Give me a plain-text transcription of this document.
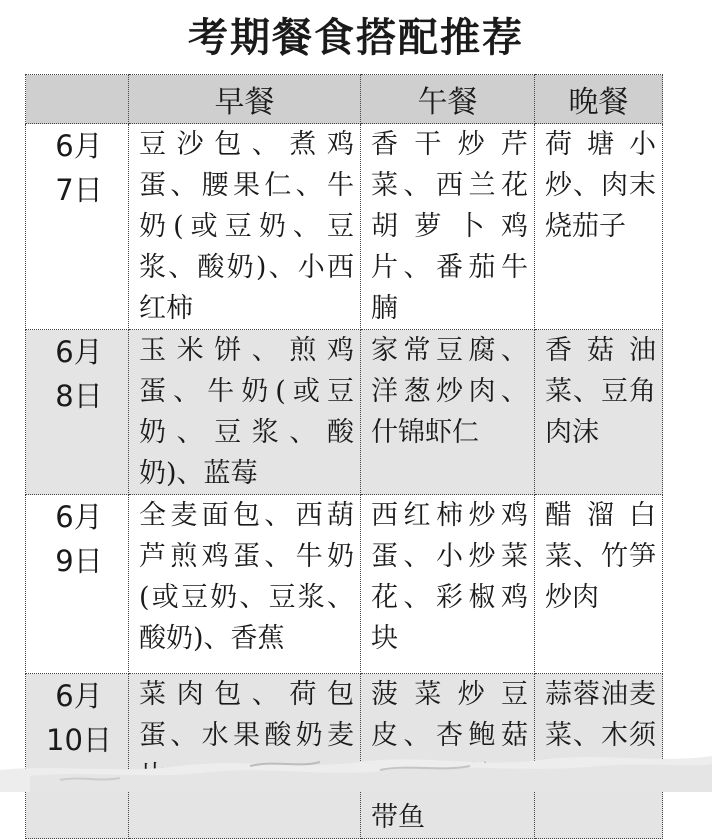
考期餐食搭配推荐
	早餐	午餐	晚餐

6月
7日	豆沙包、煮鸡蛋、腰果仁、牛奶(或豆奶、豆浆、酸奶)、小西红柿	香干炒芹菜、西兰花胡萝卜鸡片、番茄牛腩	荷塘小炒、肉末烧茄子

6月
8日	玉米饼、煎鸡蛋、牛奶(或豆奶、豆浆、酸奶)、蓝莓	家常豆腐、洋葱炒肉、什锦虾仁	香菇油菜、豆角肉沫

6月
9日	全麦面包、西葫芦煎鸡蛋、牛奶(或豆奶、豆浆、酸奶)、香蕉	西红柿炒鸡蛋、小炒菜花、彩椒鸡块	醋溜白菜、竹笋炒肉

6月
10日	菜肉包、荷包蛋、水果酸奶麦	菠菜炒豆皮、杏鲍菇 带鱼	蒜蓉油麦菜、木须
